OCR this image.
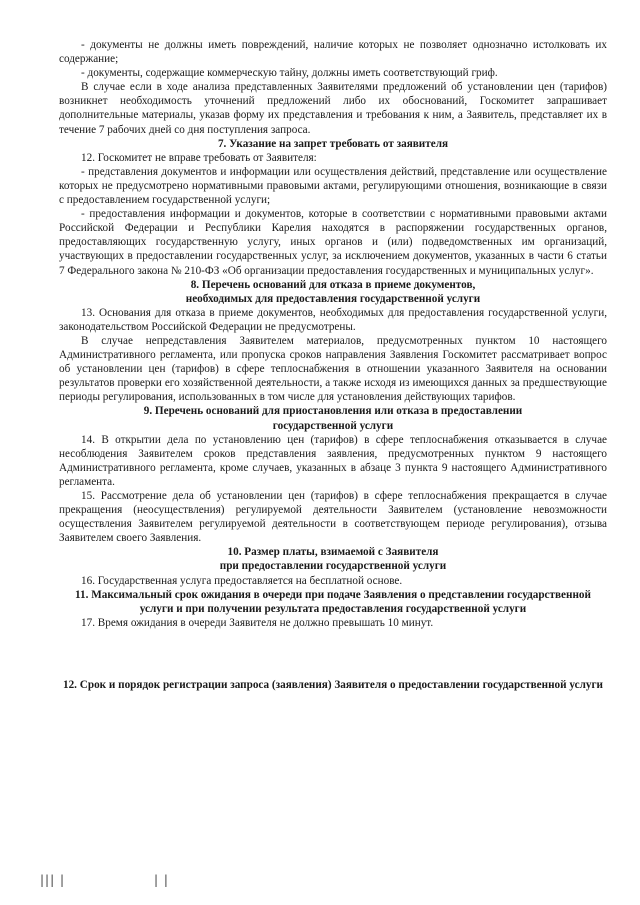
- документы не должны иметь повреждений, наличие которых не позволяет однозначно истолковать их содержание;

- документы, содержащие коммерческую тайну, должны иметь соответствующий гриф.

В случае если в ходе анализа представленных Заявителями предложений об установлении цен (тарифов) возникнет необходимость уточнений предложений либо их обоснований, Госкомитет запрашивает дополнительные материалы, указав форму их представления и требования к ним, а Заявитель, представляет их в течение 7 рабочих дней со дня поступления запроса.

7. Указание на запрет требовать от заявителя

12. Госкомитет не вправе требовать от Заявителя:

- представления документов и информации или осуществления действий, представление или осуществление которых не предусмотрено нормативными правовыми актами, регулирующими отношения, возникающие в связи с предоставлением государственной услуги;

- предоставления информации и документов, которые в соответствии с нормативными правовыми актами Российской Федерации и Республики Карелия находятся в распоряжении государственных органов, предоставляющих государственную услугу, иных органов и (или) подведомственных им организаций, участвующих в предоставлении государственных услуг, за исключением документов, указанных в части 6 статьи 7 Федерального закона № 210-ФЗ «Об организации предоставления государственных и муниципальных услуг».

8. Перечень оснований для отказа в приеме документов,

необходимых для предоставления государственной услуги

13. Основания для отказа в приеме документов, необходимых для предоставления государственной услуги, законодательством Российской Федерации не предусмотрены.

В случае непредставления Заявителем материалов, предусмотренных пунктом 10 настоящего Административного регламента, или пропуска сроков направления Заявления Госкомитет рассматривает вопрос об установлении цен (тарифов) в сфере теплоснабжения в отношении указанного Заявителя на основании результатов проверки его хозяйственной деятельности, а также исходя из имеющихся данных за предшествующие периоды регулирования, использованных в том числе для установления действующих тарифов.

9. Перечень оснований для приостановления или отказа в предоставлении

государственной услуги

14. В открытии дела по установлению цен (тарифов) в сфере теплоснабжения отказывается в случае несоблюдения Заявителем сроков представления заявления, предусмотренных пунктом 9 настоящего Административного регламента, кроме случаев, указанных в абзаце 3 пункта 9 настоящего Административного регламента.

15. Рассмотрение дела об установлении цен (тарифов) в сфере теплоснабжения прекращается в случае прекращения (неосуществления) регулируемой деятельности Заявителем (установление невозможности осуществления Заявителем регулируемой деятельности в соответствующем периоде регулирования), отзыва Заявителем своего Заявления.

10. Размер платы, взимаемой с Заявителя

при предоставлении государственной услуги

16. Государственная услуга предоставляется на бесплатной основе.

11. Максимальный срок ожидания в очереди при подаче Заявления о представлении государственной услуги и при получении результата предоставления государственной услуги

17. Время ожидания в очереди Заявителя не должно превышать 10 минут.

12. Срок и порядок регистрации запроса (заявления) Заявителя о предоставлении государственной услуги

||| |	| |
